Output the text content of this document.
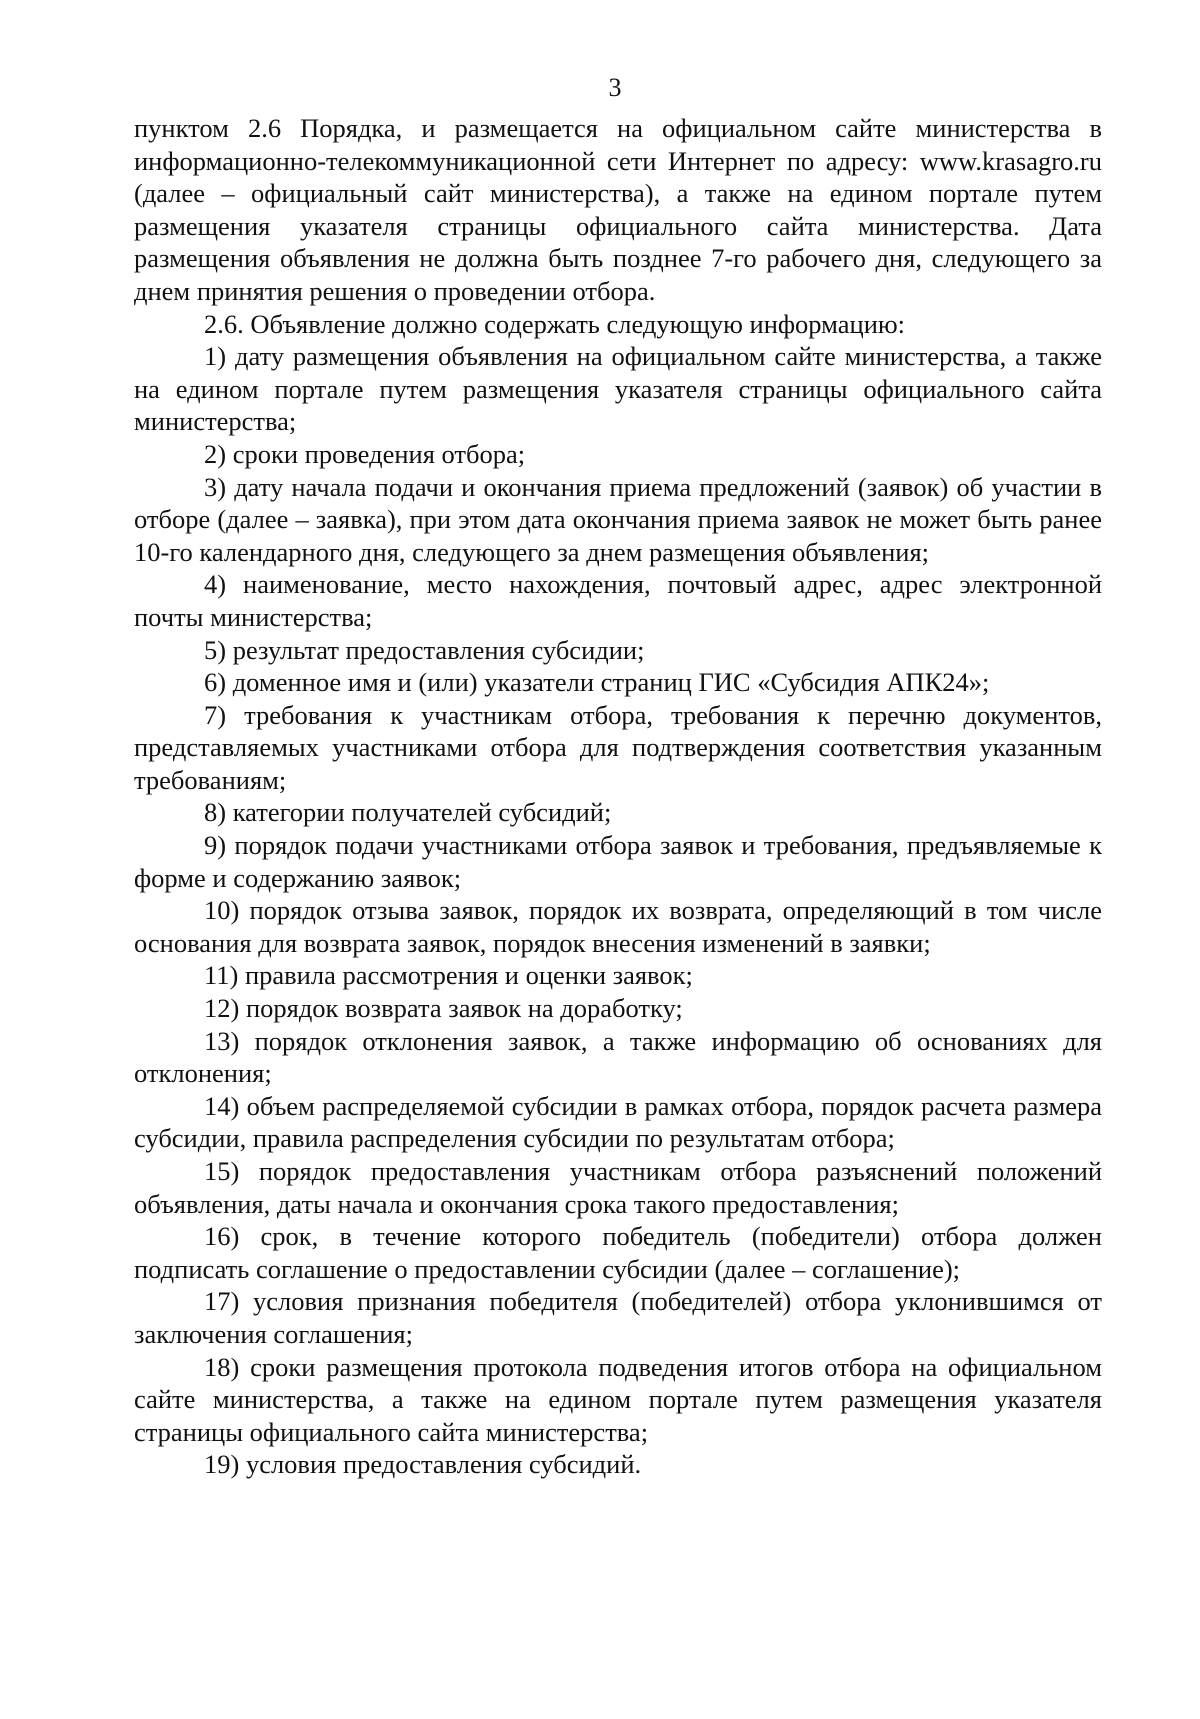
3

пунктом 2.6 Порядка, и размещается на официальном сайте министерства в информационно-телекоммуникационной сети Интернет по адресу: www.krasagro.ru (далее – официальный сайт министерства), а также на едином портале путем размещения указателя страницы официального сайта министерства. Дата размещения объявления не должна быть позднее 7-го рабочего дня, следующего за днем принятия решения о проведении отбора.

2.6. Объявление должно содержать следующую информацию:

1) дату размещения объявления на официальном сайте министерства, а также на едином портале путем размещения указателя страницы официального сайта министерства;

2) сроки проведения отбора;

3) дату начала подачи и окончания приема предложений (заявок) об участии в отборе (далее – заявка), при этом дата окончания приема заявок не может быть ранее 10-го календарного дня, следующего за днем размещения объявления;

4) наименование, место нахождения, почтовый адрес, адрес электронной почты министерства;

5) результат предоставления субсидии;

6) доменное имя и (или) указатели страниц ГИС «Субсидия АПК24»;

7) требования к участникам отбора, требования к перечню документов, представляемых участниками отбора для подтверждения соответствия указанным требованиям;

8) категории получателей субсидий;

9) порядок подачи участниками отбора заявок и требования, предъявляемые к форме и содержанию заявок;

10) порядок отзыва заявок, порядок их возврата, определяющий в том числе основания для возврата заявок, порядок внесения изменений в заявки;

11) правила рассмотрения и оценки заявок;

12) порядок возврата заявок на доработку;

13) порядок отклонения заявок, а также информацию об основаниях для отклонения;

14) объем распределяемой субсидии в рамках отбора, порядок расчета размера субсидии, правила распределения субсидии по результатам отбора;

15) порядок предоставления участникам отбора разъяснений положений объявления, даты начала и окончания срока такого предоставления;

16) срок, в течение которого победитель (победители) отбора должен подписать соглашение о предоставлении субсидии (далее – соглашение);

17) условия признания победителя (победителей) отбора уклонившимся от заключения соглашения;

18) сроки размещения протокола подведения итогов отбора на официальном сайте министерства, а также на едином портале путем размещения указателя страницы официального сайта министерства;

19) условия предоставления субсидий.
